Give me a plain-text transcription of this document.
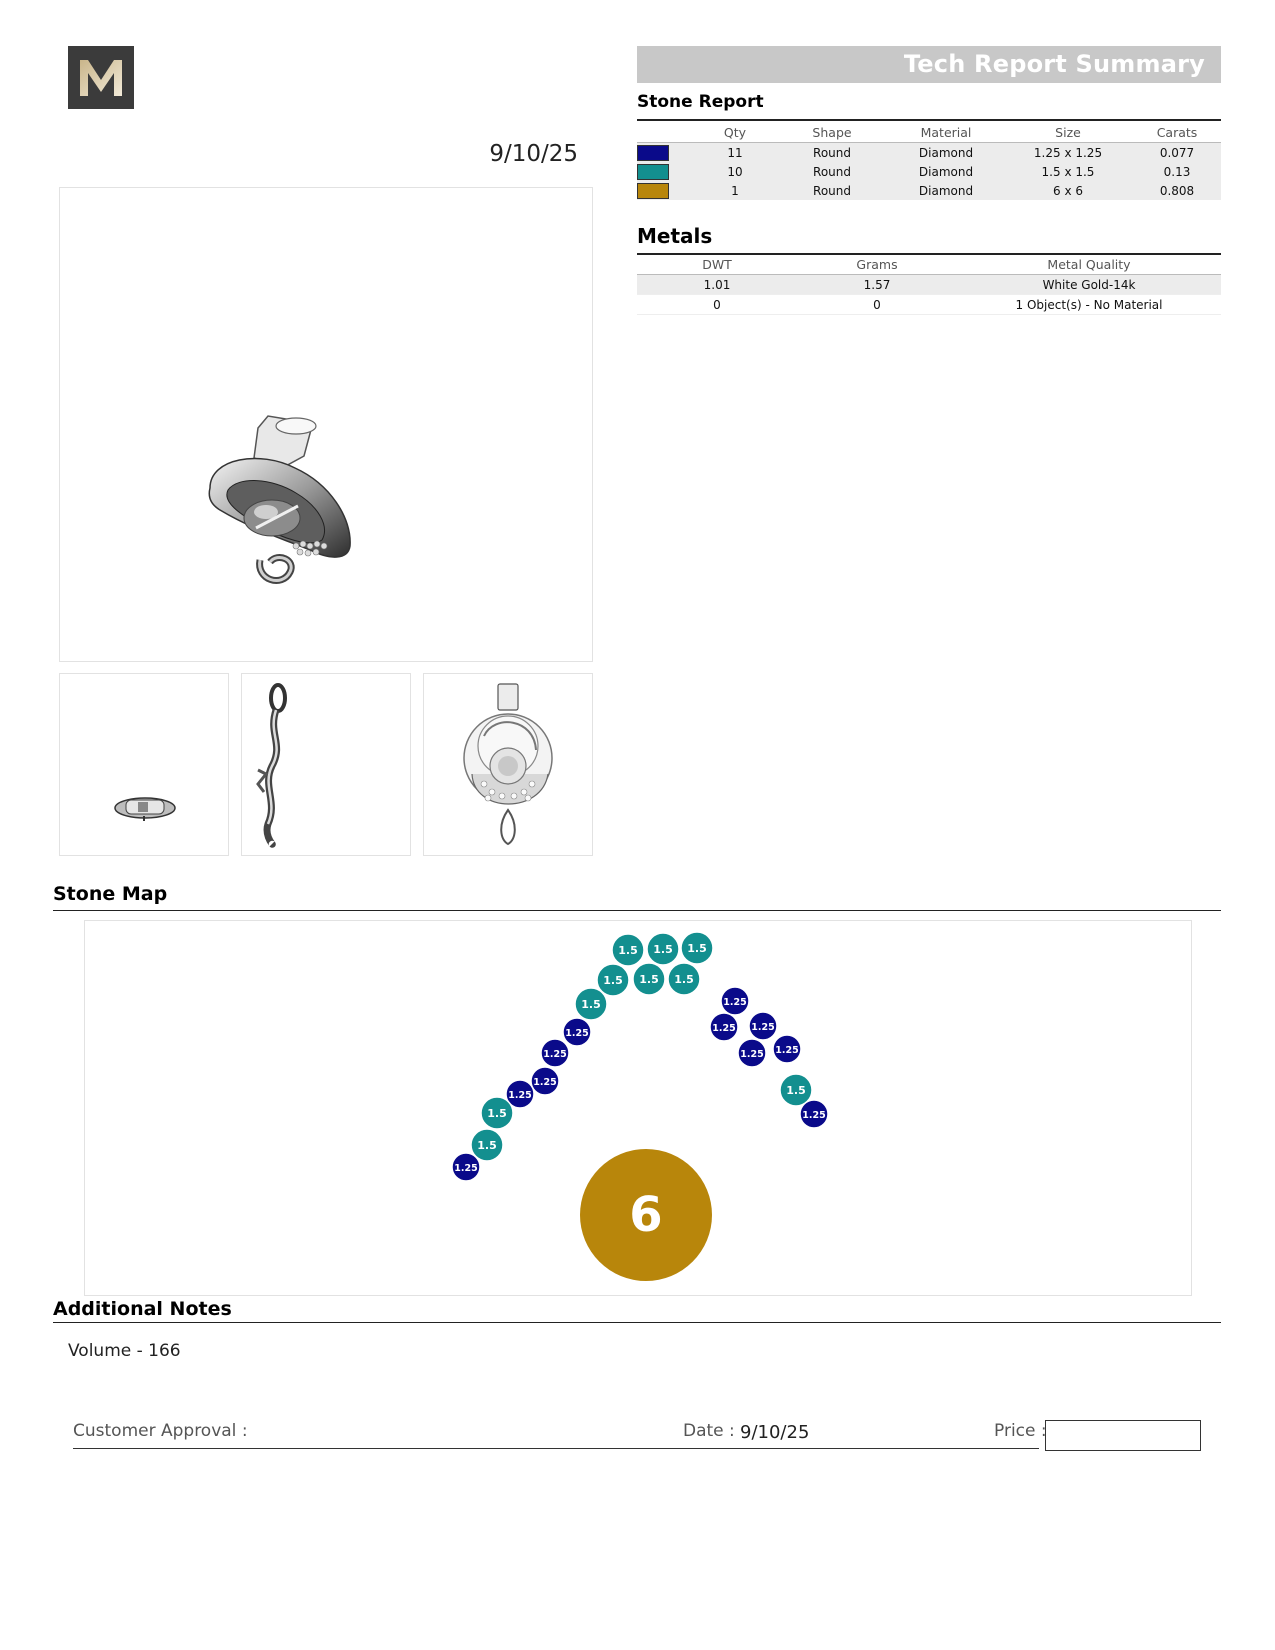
9/10/25
Tech Report Summary
Stone Report
	Qty	Shape	Material	Size	Carats
	11	Round	Diamond	1.25 x 1.25	0.077
	10	Round	Diamond	1.5 x 1.5	0.13
	1	Round	Diamond	6 x 6	0.808
Metals
DWT	Grams	Metal Quality
1.01	1.57	White Gold-14k
0	0	1 Object(s) - No Material
Stone Map
1.5 1.5 1.5
1.5 1.5 1.5
1.5	1.25
1.25 1.25
1.25 1.25
1.5
1.25
1.25
1.25
1.25
1.25
1.5
1.5
1.25
6
Additional Notes
Volume - 166
Customer Approval :	Date : 9/10/25	Price :
